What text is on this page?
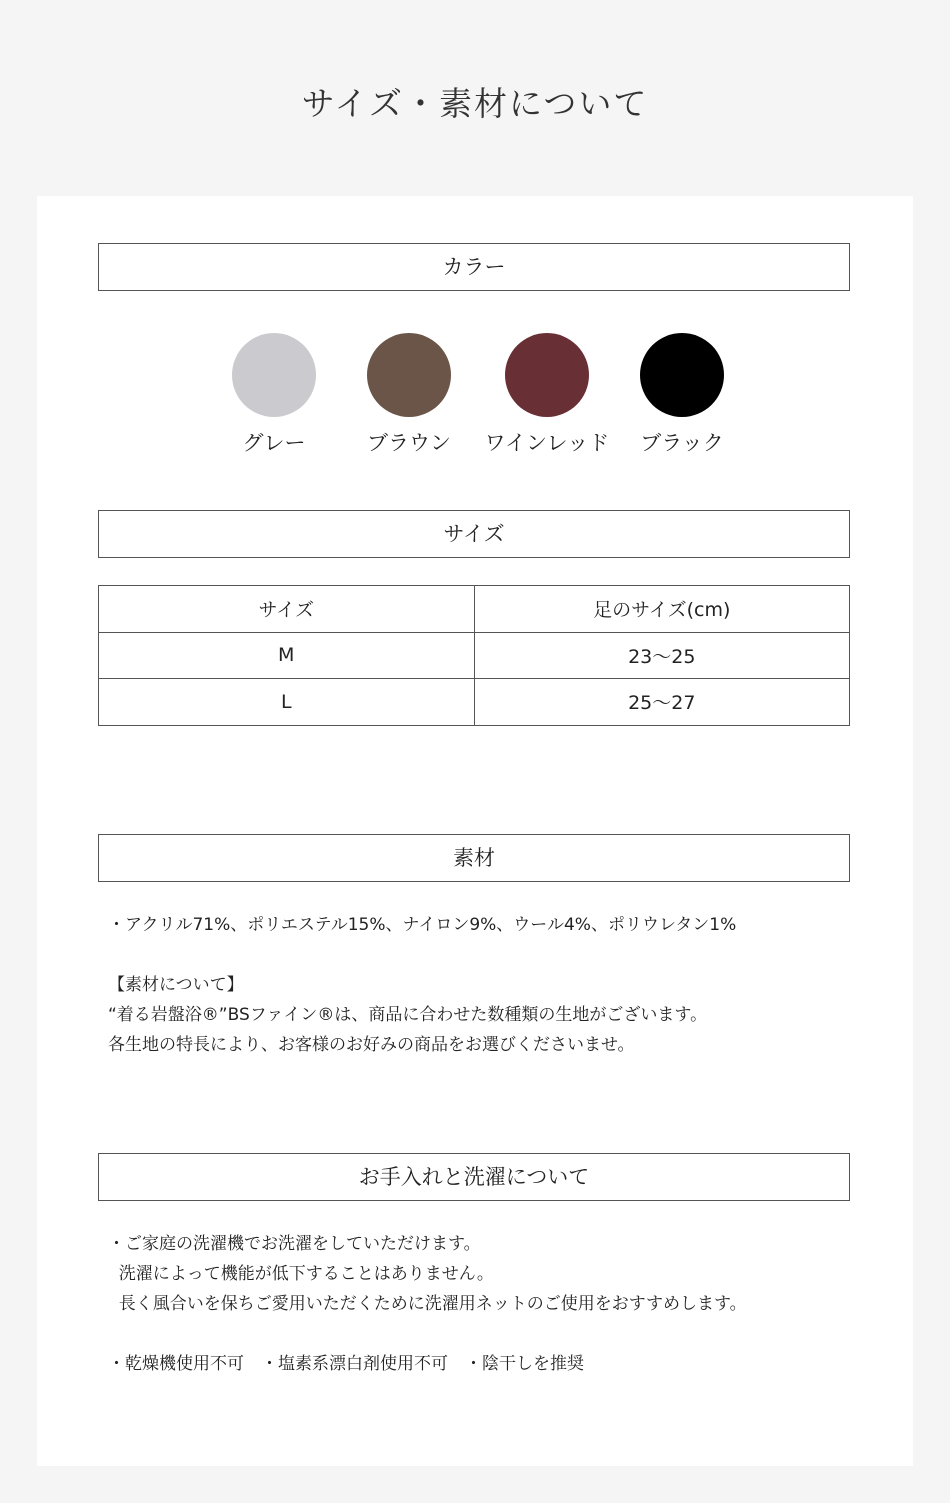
サイズ・素材について
カラー
グレー	ブラウン	ワインレッド	ブラック
サイズ
サイズ	足のサイズ(cm)
M	23〜25
L	25〜27
素材
・アクリル71%、ポリエステル15%、ナイロン9%、ウール4%、ポリウレタン1%
【素材について】
“着る岩盤浴®”BSファイン®は、商品に合わせた数種類の生地がございます。
各生地の特長により、お客様のお好みの商品をお選びくださいませ。
お手入れと洗濯について
・ご家庭の洗濯機でお洗濯をしていただけます。
洗濯によって機能が低下することはありません。
長く風合いを保ちご愛用いただくために洗濯用ネットのご使用をおすすめします。
・乾燥機使用不可　・塩素系漂白剤使用不可　・陰干しを推奨
